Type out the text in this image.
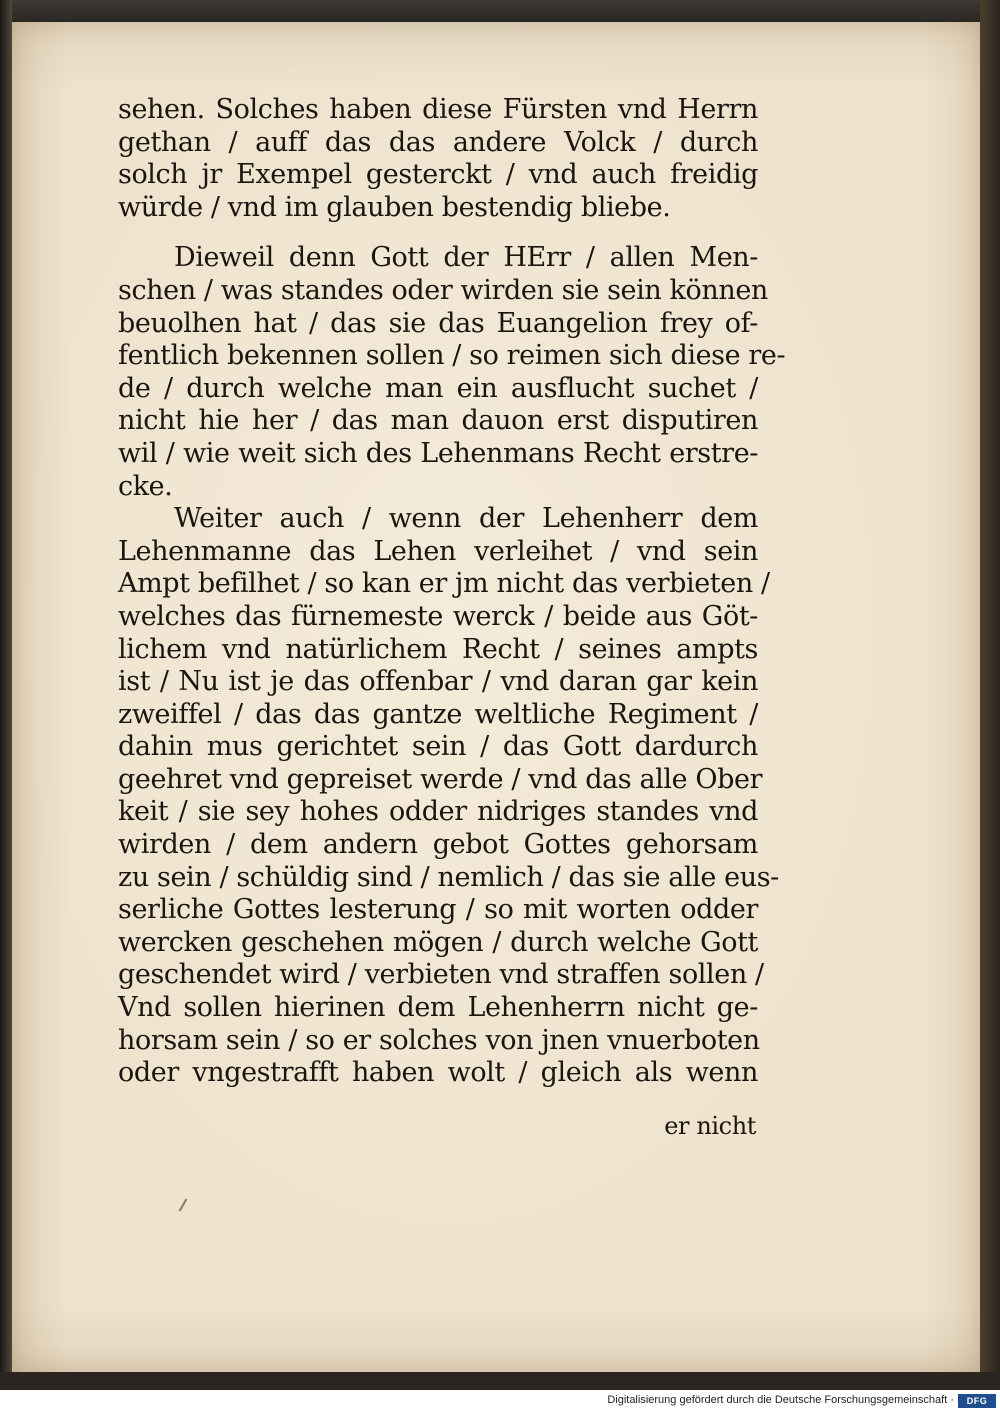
sehen. Solches haben diese Fürsten vnd Herrn
gethan / auff das das andere Volck / durch
solch jr Exempel gesterckt / vnd auch freidig
würde / vnd im glauben bestendig bliebe.
Dieweil denn Gott der HErr / allen Men-
schen / was standes oder wirden sie sein können
beuolhen hat / das sie das Euangelion frey of-
fentlich bekennen sollen / so reimen sich diese re-
de / durch welche man ein ausflucht suchet /
nicht hie her / das man dauon erst disputiren
wil / wie weit sich des Lehenmans Recht erstre-
cke.
Weiter auch / wenn der Lehenherr dem
Lehenmanne das Lehen verleihet / vnd sein
Ampt befilhet / so kan er jm nicht das verbieten /
welches das fürnemeste werck / beide aus Göt-
lichem vnd natürlichem Recht / seines ampts
ist / Nu ist je das offenbar / vnd daran gar kein
zweiffel / das das gantze weltliche Regiment /
dahin mus gerichtet sein / das Gott dardurch
geehret vnd gepreiset werde / vnd das alle Ober
keit / sie sey hohes odder nidriges standes vnd
wirden / dem andern gebot Gottes gehorsam
zu sein / schüldig sind / nemlich / das sie alle eus-
serliche Gottes lesterung / so mit worten odder
wercken geschehen mögen / durch welche Gott
geschendet wird / verbieten vnd straffen sollen /
Vnd sollen hierinen dem Lehenherrn nicht ge-
horsam sein / so er solches von jnen vnuerboten
oder vngestrafft haben wolt / gleich als wenn
er nicht
Digitalisierung gefördert durch die Deutsche Forschungsgemeinschaft ·	DFG
